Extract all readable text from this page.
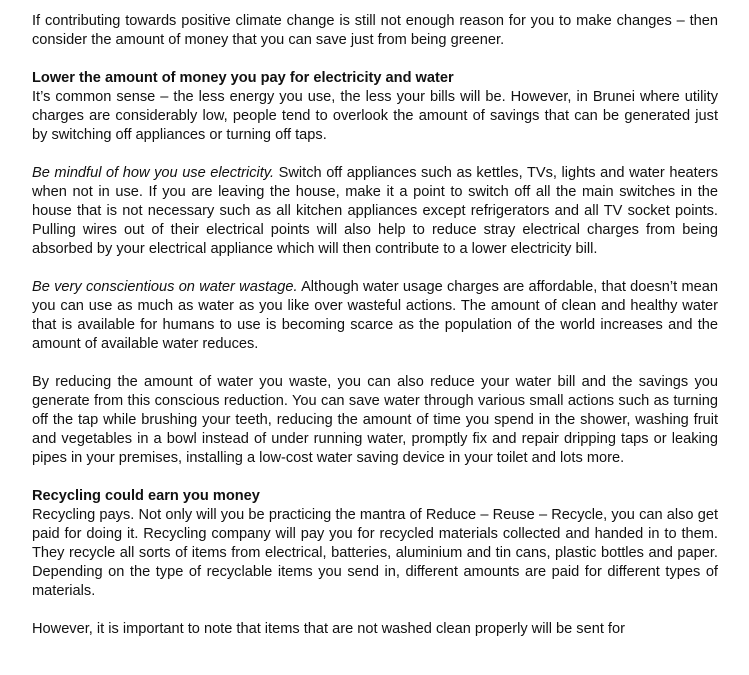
If contributing towards positive climate change is still not enough reason for you to make changes – then consider the amount of money that you can save just from being greener.

Lower the amount of money you pay for electricity and water
It’s common sense – the less energy you use, the less your bills will be. However, in Brunei where utility charges are considerably low, people tend to overlook the amount of savings that can be generated just by switching off appliances or turning off taps.

Be mindful of how you use electricity. Switch off appliances such as kettles, TVs, lights and water heaters when not in use. If you are leaving the house, make it a point to switch off all the main switches in the house that is not necessary such as all kitchen appliances except refrigerators and all TV socket points. Pulling wires out of their electrical points will also help to reduce stray electrical charges from being absorbed by your electrical appliance which will then contribute to a lower electricity bill.

Be very conscientious on water wastage. Although water usage charges are affordable, that doesn’t mean you can use as much as water as you like over wasteful actions. The amount of clean and healthy water that is available for humans to use is becoming scarce as the population of the world increases and the amount of available water reduces.

By reducing the amount of water you waste, you can also reduce your water bill and the savings you generate from this conscious reduction. You can save water through various small actions such as turning off the tap while brushing your teeth, reducing the amount of time you spend in the shower, washing fruit and vegetables in a bowl instead of under running water, promptly fix and repair dripping taps or leaking pipes in your premises, installing a low-cost water saving device in your toilet and lots more.

Recycling could earn you money
Recycling pays. Not only will you be practicing the mantra of Reduce – Reuse – Recycle, you can also get paid for doing it. Recycling company will pay you for recycled materials collected and handed in to them. They recycle all sorts of items from electrical, batteries, aluminium and tin cans, plastic bottles and paper. Depending on the type of recyclable items you send in, different amounts are paid for different types of materials.

However, it is important to note that items that are not washed clean properly will be sent for
